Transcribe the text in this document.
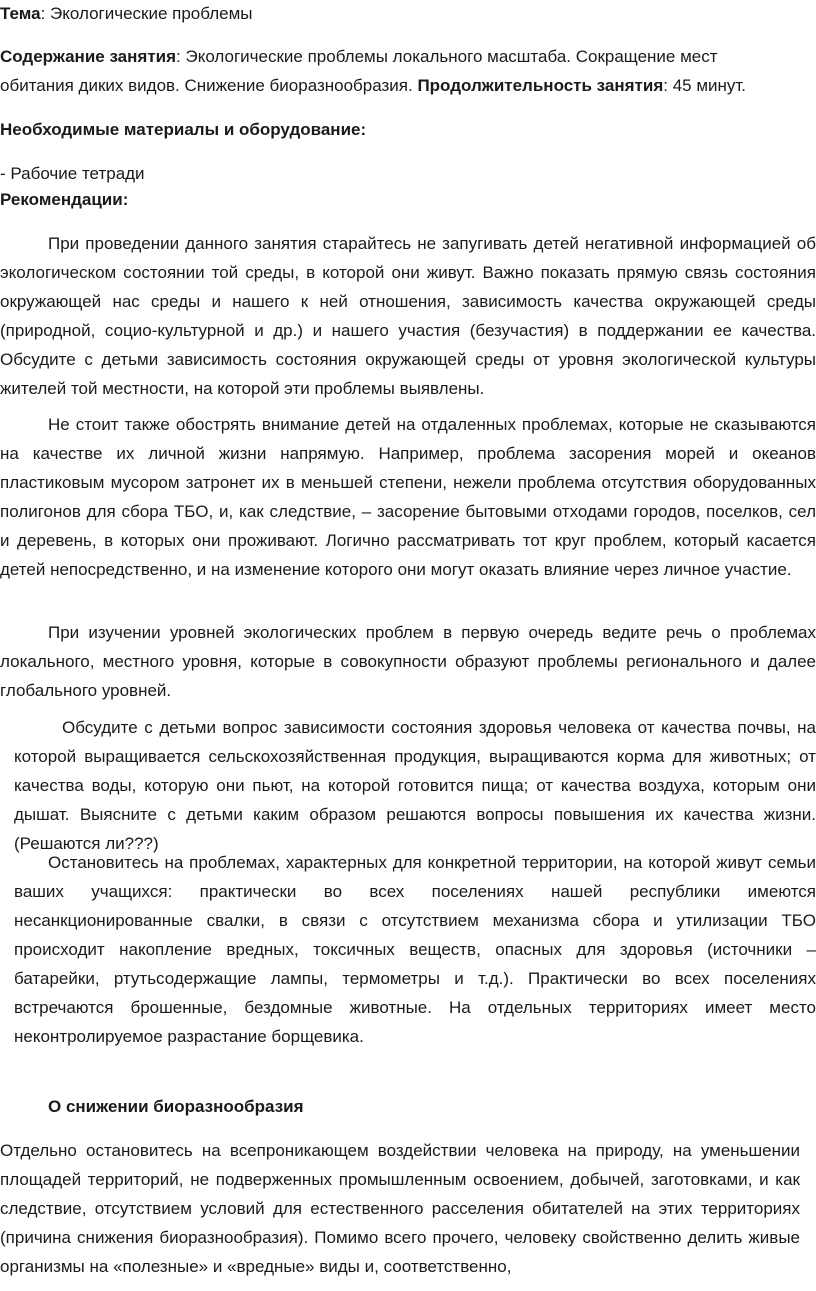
Тема: Экологические проблемы

Содержание занятия: Экологические проблемы локального масштаба. Сокращение мест обитания диких видов. Снижение биоразнообразия. Продолжительность занятия: 45 минут.

Необходимые материалы и оборудование:

- Рабочие тетради

Рекомендации:

При проведении данного занятия старайтесь не запугивать детей негативной информацией об экологическом состоянии той среды, в которой они живут. Важно показать прямую связь состояния окружающей нас среды и нашего к ней отношения, зависимость качества окружающей среды (природной, социо-культурной и др.) и нашего участия (безучастия) в поддержании ее качества. Обсудите с детьми зависимость состояния окружающей среды от уровня экологической культуры жителей той местности, на которой эти проблемы выявлены.

Не стоит также обострять внимание детей на отдаленных проблемах, которые не сказываются на качестве их личной жизни напрямую. Например, проблема засорения морей и океанов пластиковым мусором затронет их в меньшей степени, нежели проблема отсутствия оборудованных полигонов для сбора ТБО, и, как следствие, – засорение бытовыми отходами городов, поселков, сел и деревень, в которых они проживают. Логично рассматривать тот круг проблем, который касается детей непосредственно, и на изменение которого они могут оказать влияние через личное участие.

При изучении уровней экологических проблем в первую очередь ведите речь о проблемах локального, местного уровня, которые в совокупности образуют проблемы регионального и далее глобального уровней.

Обсудите с детьми вопрос зависимости состояния здоровья человека от качества почвы, на которой выращивается сельскохозяйственная продукция, выращиваются корма для животных; от качества воды, которую они пьют, на которой готовится пища; от качества воздуха, которым они дышат. Выясните с детьми каким образом решаются вопросы повышения их качества жизни. (Решаются ли???)

Остановитесь на проблемах, характерных для конкретной территории, на которой живут семьи ваших учащихся: практически во всех поселениях нашей республики имеются несанкционированные свалки, в связи с отсутствием механизма сбора и утилизации ТБО происходит накопление вредных, токсичных веществ, опасных для здоровья (источники – батарейки, ртутьсодержащие лампы, термометры и т.д.). Практически во всех поселениях встречаются брошенные, бездомные животные. На отдельных территориях имеет место неконтролируемое разрастание борщевика.

О снижении биоразнообразия

Отдельно остановитесь на всепроникающем воздействии человека на природу, на уменьшении площадей территорий, не подверженных промышленным освоением, добычей, заготовками, и как следствие, отсутствием условий для естественного расселения обитателей на этих территориях (причина снижения биоразнообразия). Помимо всего прочего, человеку свойственно делить живые организмы на «полезные» и «вредные» виды и, соответственно,
